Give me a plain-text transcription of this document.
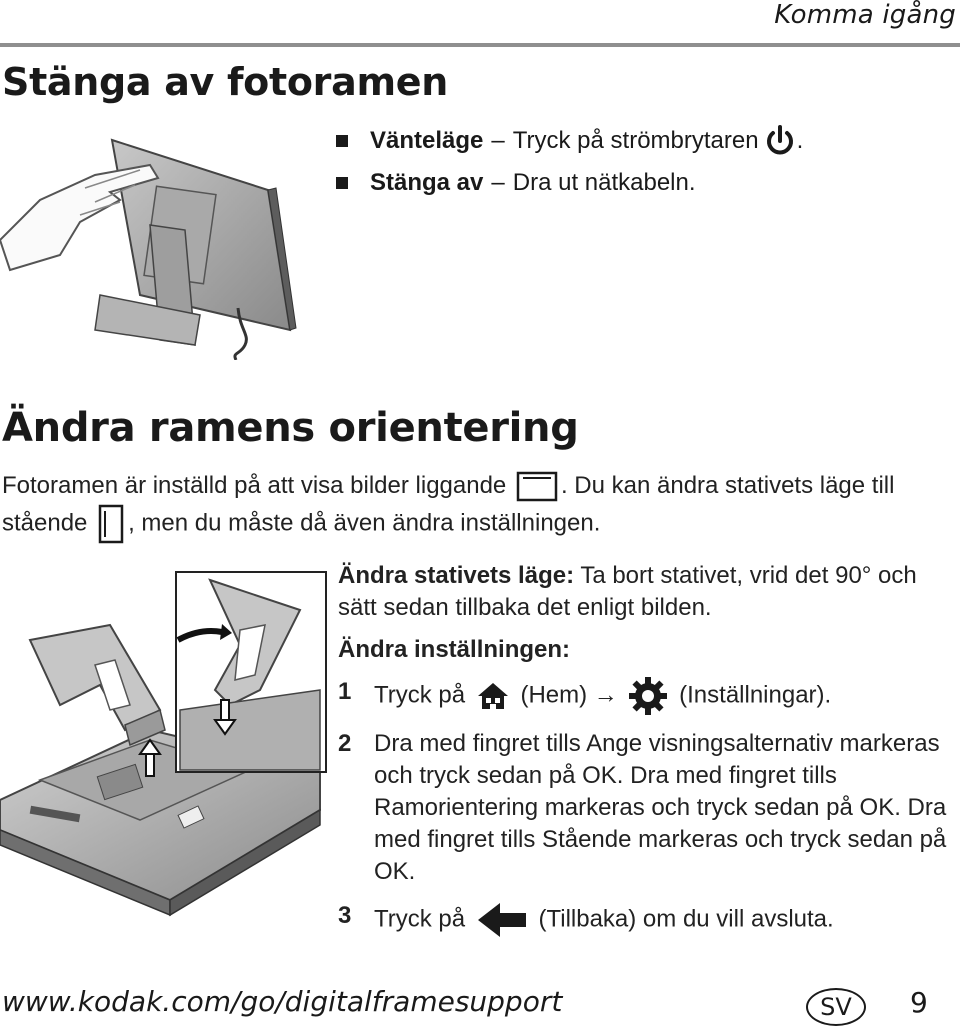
Komma igång
Stänga av fotoramen
Vänteläge – Tryck på strömbrytaren .
Stänga av – Dra ut nätkabeln.
Ändra ramens orientering
Fotoramen är inställd på att visa bilder liggande . Du kan ändra stativets läge till
stående , men du måste då även ändra inställningen.

Ändra stativets läge: Ta bort stativet, vrid det 90° och sätt sedan tillbaka det enligt bilden.

Ändra inställningen:

1 Tryck på (Hem) →	(Inställningar).
2 Dra med fingret tills Ange visningsalternativ markeras och tryck sedan på OK. Dra med fingret tills Ramorientering markeras och tryck sedan på OK. Dra med fingret tills Stående markeras och tryck sedan på OK.
3 Tryck på	(Tillbaka) om du vill avsluta.
www.kodak.com/go/digitalframesupport	SV	9
